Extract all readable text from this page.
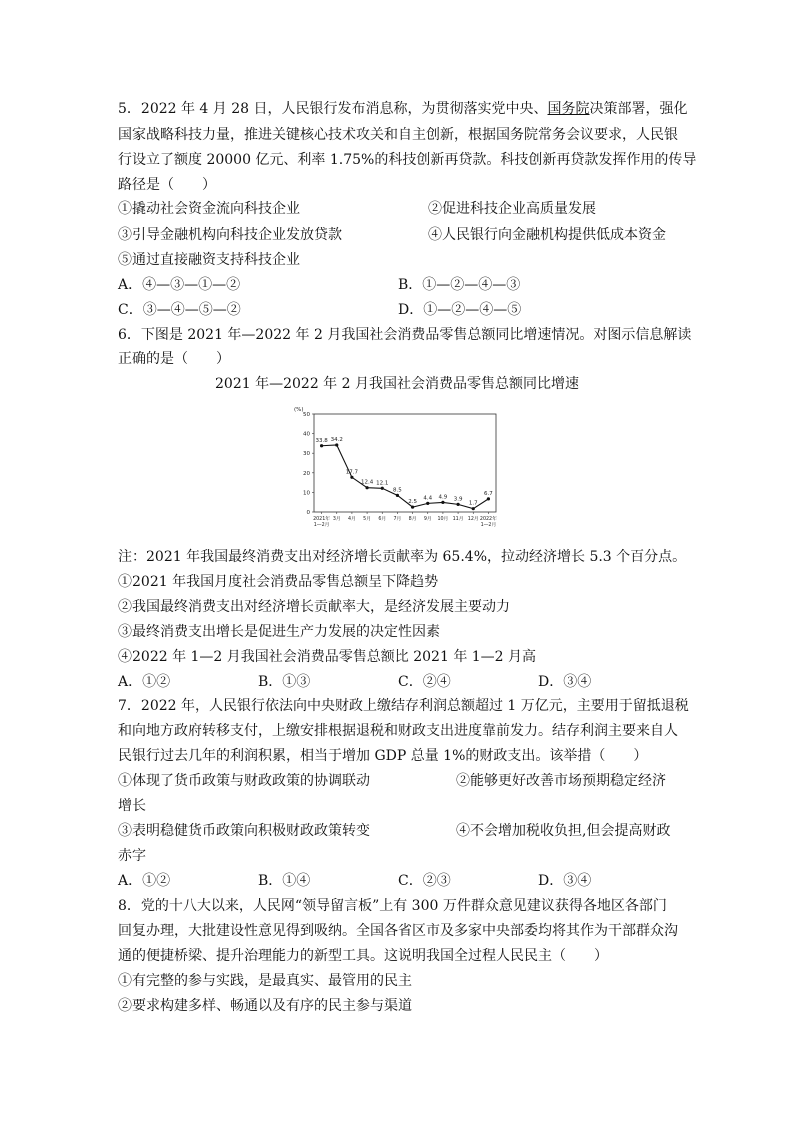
5．2022 年 4 月 28 日，人民银行发布消息称，为贯彻落实党中央、国务院决策部署，强化
国家战略科技力量，推进关键核心技术攻关和自主创新，根据国务院常务会议要求，人民银
行设立了额度 20000 亿元、利率 1.75%的科技创新再贷款。科技创新再贷款发挥作用的传导
路径是（　　）
①撬动社会资金流向科技企业	②促进科技企业高质量发展
③引导金融机构向科技企业发放贷款	④人民银行向金融机构提供低成本资金
⑤通过直接融资支持科技企业
A．④—③—①—②	B．①—②—④—③
C．③—④—⑤—②	D．①—②—④—⑤
6．下图是 2021 年—2022 年 2 月我国社会消费品零售总额同比增速情况。对图示信息解读
正确的是（　　）
2021 年—2022 年 2 月我国社会消费品零售总额同比增速
(%)
0
10
20
30
40
50
2021年
1—2月
3月 4月 5月 6月 7月 8月 9月 10月 11月 12月 2022年
1—2月
33.8 34.2
17.7
12.4 12.1
8.5
2.5
4.4 4.9 3.9
1.7
6.7
注：2021 年我国最终消费支出对经济增长贡献率为 65.4%，拉动经济增长 5.3 个百分点。
①2021 年我国月度社会消费品零售总额呈下降趋势
②我国最终消费支出对经济增长贡献率大，是经济发展主要动力
③最终消费支出增长是促进生产力发展的决定性因素
④2022 年 1—2 月我国社会消费品零售总额比 2021 年 1—2 月高
A．①②	B．①③	C．②④	D．③④
7．2022 年，人民银行依法向中央财政上缴结存利润总额超过 1 万亿元，主要用于留抵退税
和向地方政府转移支付，上缴安排根据退税和财政支出进度靠前发力。结存利润主要来自人
民银行过去几年的利润积累，相当于增加 GDP 总量 1%的财政支出。该举措（　　）
①体现了货币政策与财政政策的协调联动	②能够更好改善市场预期稳定经济
增长
③表明稳健货币政策向积极财政政策转变	④不会增加税收负担,但会提高财政
赤字
A．①②	B．①④	C．②③	D．③④
8．党的十八大以来，人民网“领导留言板”上有 300 万件群众意见建议获得各地区各部门
回复办理，大批建设性意见得到吸纳。全国各省区市及多家中央部委均将其作为干部群众沟
通的便捷桥梁、提升治理能力的新型工具。这说明我国全过程人民民主（　　）
①有完整的参与实践，是最真实、最管用的民主
②要求构建多样、畅通以及有序的民主参与渠道
